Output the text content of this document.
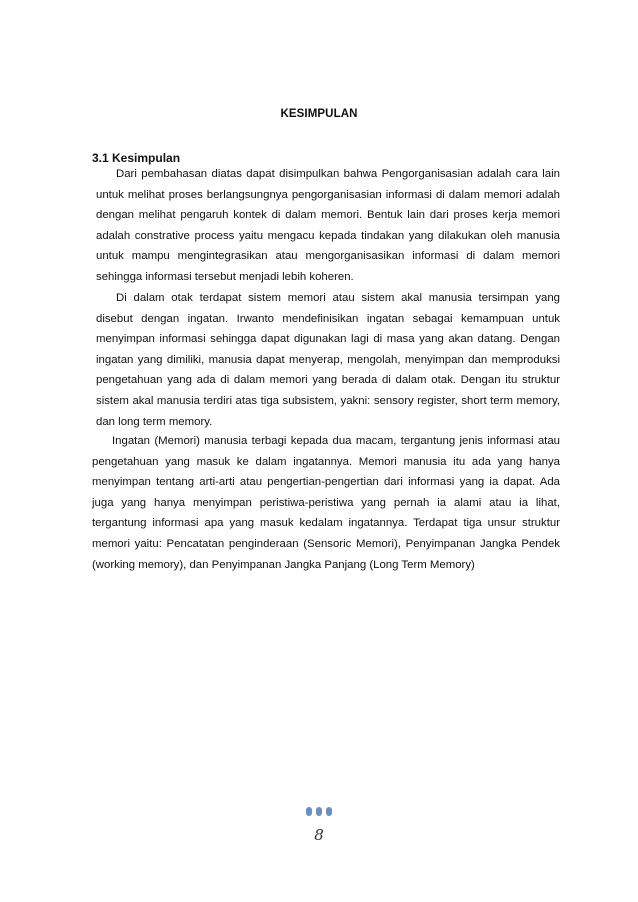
KESIMPULAN
3.1 Kesimpulan

Dari pembahasan diatas dapat disimpulkan bahwa Pengorganisasian adalah cara lain untuk melihat proses berlangsungnya pengorganisasian informasi di dalam memori adalah dengan melihat pengaruh kontek di dalam memori. Bentuk lain dari proses kerja memori adalah constrative process yaitu mengacu kepada tindakan yang dilakukan oleh manusia untuk mampu mengintegrasikan atau mengorganisasikan informasi di dalam memori sehingga informasi tersebut menjadi lebih koheren.

Di dalam otak terdapat sistem memori atau sistem akal manusia tersimpan yang disebut dengan ingatan. Irwanto mendefinisikan ingatan sebagai kemampuan untuk menyimpan informasi sehingga dapat digunakan lagi di masa yang akan datang. Dengan ingatan yang dimiliki, manusia dapat menyerap, mengolah, menyimpan dan memproduksi pengetahuan yang ada di dalam memori yang berada di dalam otak. Dengan itu struktur sistem akal manusia terdiri atas tiga subsistem, yakni: sensory register, short term memory, dan long term memory.

Ingatan (Memori) manusia terbagi kepada dua macam, tergantung jenis informasi atau pengetahuan yang masuk ke dalam ingatannya. Memori manusia itu ada yang hanya menyimpan tentang arti-arti atau pengertian-pengertian dari informasi yang ia dapat. Ada juga yang hanya menyimpan peristiwa-peristiwa yang pernah ia alami atau ia lihat, tergantung informasi apa yang masuk kedalam ingatannya. Terdapat tiga unsur struktur memori yaitu: Pencatatan penginderaan (Sensoric Memori), Penyimpanan Jangka Pendek (working memory), dan Penyimpanan Jangka Panjang (Long Term Memory)

8
